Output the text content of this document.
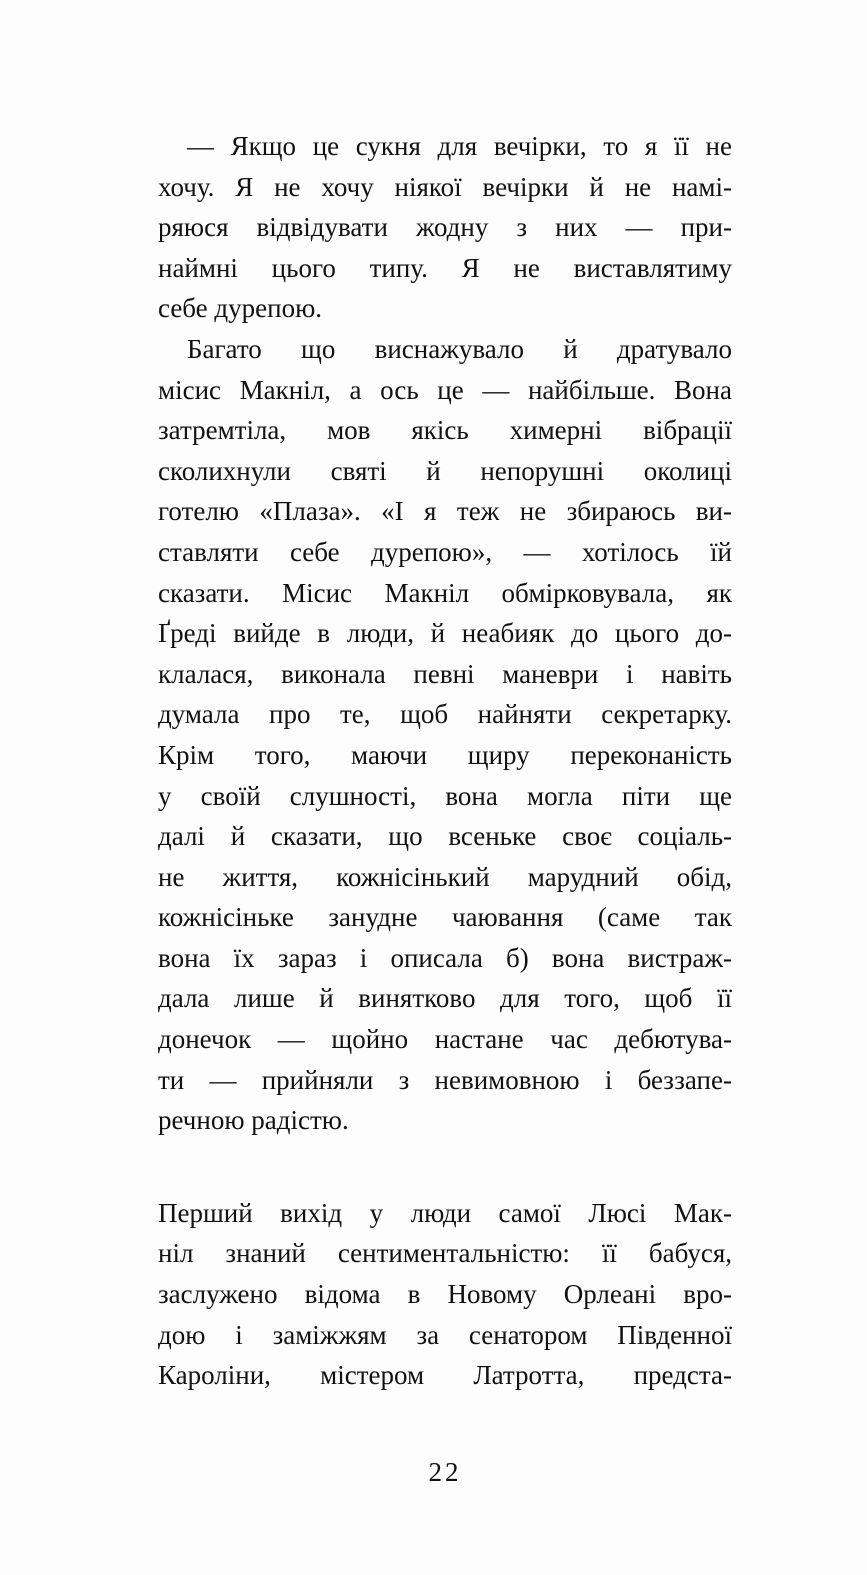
— Якщо це сукня для вечірки, то я її не
хочу. Я не хочу ніякої вечірки й не намі-
ряюся відвідувати жодну з них — при-
наймні цього типу. Я не виставлятиму
себе дурепою.

Багато що виснажувало й дратувало
місис Макніл, а ось це — найбільше. Вона
затремтіла, мов якісь химерні вібрації
сколихнули святі й непорушні околиці
готелю «Плаза». «І я теж не збираюсь ви-
ставляти себе дурепою», — хотілось їй
сказати. Місис Макніл обмірковувала, як
Ґреді вийде в люди, й неабияк до цього до-
клалася, виконала певні маневри і навіть
думала про те, щоб найняти секретарку.
Крім того, маючи щиру переконаність
у своїй слушності, вона могла піти ще
далі й сказати, що всеньке своє соціаль-
не життя, кожнісінький марудний обід,
кожнісіньке занудне чаювання (саме так
вона їх зараз і описала б) вона вистраж-
дала лише й винятково для того, щоб її
донечок — щойно настане час дебютува-
ти — прийняли з невимовною і беззапе-
речною радістю.

Перший вихід у люди самої Люсі Мак-
ніл знаний сентиментальністю: її бабуся,
заслужено відома в Новому Орлеані вро-
дою і заміжжям за сенатором Південної
Кароліни, містером Латротта, предста-

22
